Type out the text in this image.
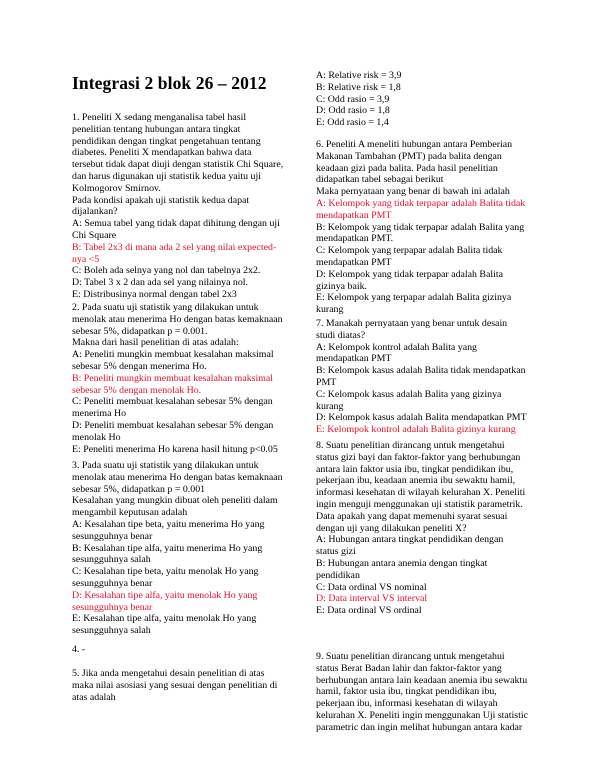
Integrasi 2 blok 26 – 2012

1. Peneliti X sedang menganalisa tabel hasil penelitian tentang hubungan antara tingkat pendidikan dengan tingkat pengetahuan tentang diabetes. Peneliti X mendapatkan bahwa data tersebut tidak dapat diuji dengan statistik Chi Square, dan harus digunakan uji statistik kedua yaitu uji Kolmogorov Smirnov.

Pada kondisi apakah uji statistik kedua dapat dijalankan?

A: Semua tabel yang tidak dapat dihitung dengan uji Chi Square

B: Tabel 2x3 di mana ada 2 sel yang nilai expected-nya <5

C: Boleh ada selnya yang nol dan tabelnya 2x2.

D: Tabel 3 x 2 dan ada sel yang nilainya nol.

E: Distribusinya normal dengan tabel 2x3

2. Pada suatu uji statistik yang dilakukan untuk menolak atau menerima Ho dengan batas kemaknaan sebesar 5%, didapatkan p = 0.001.

Makna dari hasil penelitian di atas adalah:

A: Peneliti mungkin membuat kesalahan maksimal sebesar 5% dengan menerima Ho.

B: Peneliti mungkin membuat kesalahan maksimal sebesar 5% dengan menolak Ho.

C: Peneliti membuat kesalahan sebesar 5% dengan menerima Ho

D: Peneliti membuat kesalahan sebesar 5% dengan menolak Ho

E: Peneliti menerima Ho karena hasil hitung p<0.05

3. Pada suatu uji statistik yang dilakukan untuk menolak atau menerima Ho dengan batas kemaknaan sebesar 5%, didapatkan p = 0.001

Kesalahan yang mungkin dibuat oleh peneliti dalam mengambil keputusan adalah

A: Kesalahan tipe beta, yaitu menerima Ho yang sesungguhnya benar

B: Kesalahan tipe alfa, yaitu menerima Ho yang sesungguhnya salah

C: Kesalahan tipe beta, yaitu menolak Ho yang sesungguhnya benar

D: Kesalahan tipe alfa, yaitu menolak Ho yang sesungguhnya benar

E: Kesalahan tipe alfa, yaitu menolak Ho yang sesungguhnya salah

4. -

5. Jika anda mengetahui desain penelitian di atas maka nilai asosiasi yang sesuai dengan penelitian di atas adalah

A: Relative risk = 3,9

B: Relative risk = 1,8

C: Odd rasio = 3,9

D: Odd rasio = 1,8

E: Odd rasio = 1,4

6. Peneliti A meneliti hubungan antara Pemberian Makanan Tambahan (PMT) pada balita dengan keadaan gizi pada balita. Pada hasil penelitian didapatkan tabel sebagai berikut

Maka pernyataan yang benar di bawah ini adalah

A: Kelompok yang tidak terpapar adalah Balita tidak mendapatkan PMT

B: Kelompok yang tidak terpapar adalah Balita yang mendapatkan PMT.

C: Kelompok yang terpapar adalah Balita tidak mendapatkan PMT

D: Kelompok yang tidak terpapar adalah Balita gizinya baik.

E: Kelompok yang terpapar adalah Balita gizinya kurang

7. Manakah pernyataan yang benar untuk desain studi diatas?

A: Kelompok kontrol adalah Balita yang mendapatkan PMT

B: Kelompok kasus adalah Balita tidak mendapatkan PMT

C: Kelompok kasus adalah Balita yang gizinya kurang

D: Kelompok kasus adalah Balita mendapatkan PMT

E: Kelompok kontrol adalah Balita gizinya kurang

8. Suatu penelitian dirancang untuk mengetahui status gizi bayi dan faktor-faktor yang berhubungan antara lain faktor usia ibu, tingkat pendidikan ibu, pekerjaan ibu, keadaan anemia ibu sewaktu hamil, informasi kesehatan di wilayah kelurahan X. Peneliti ingin menguji menggunakan uji statistik parametrik.

Data apakah yang dapat memenuhi syarat sesuai dengan uji yang dilakukan peneliti X?

A: Hubungan antara tingkat pendidikan dengan status gizi

B: Hubungan antara anemia dengan tingkat pendidikan

C: Data ordinal VS nominal

D: Data interval VS interval

E: Data ordinal VS ordinal

9. Suatu penelitian dirancang untuk mengetahui status Berat Badan lahir dan faktor-faktor yang berhubungan antara lain keadaan anemia ibu sewaktu hamil, faktor usia ibu, tingkat pendidikan ibu, pekerjaan ibu, informasi kesehatan di wilayah kelurahan X. Peneliti ingin menggunakan Uji statistic parametric dan ingin melihat hubungan antara kadar
